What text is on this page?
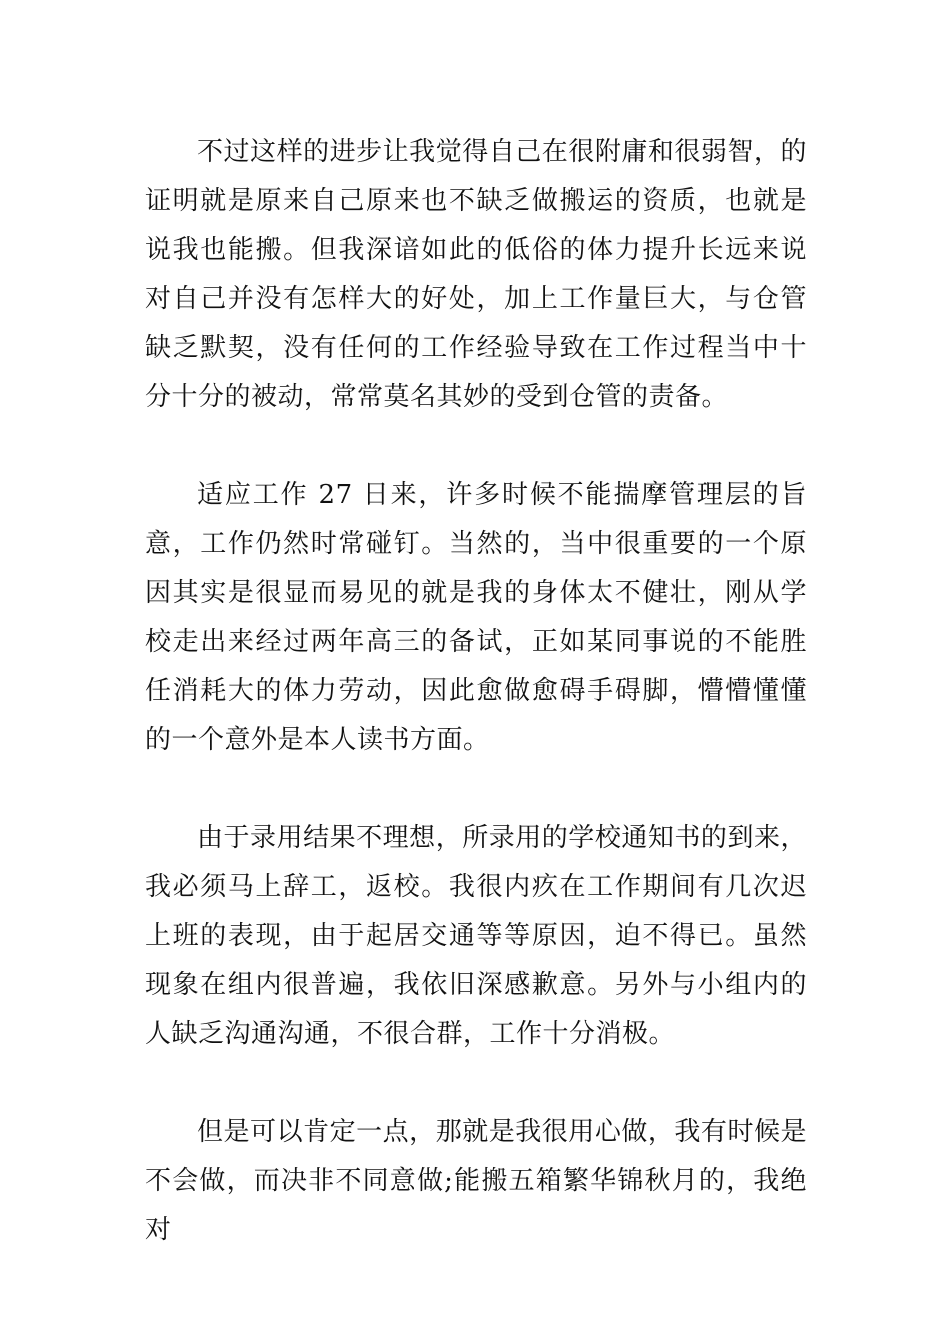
不过这样的进步让我觉得自己在很附庸和很弱智，的证明就是原来自己原来也不缺乏做搬运的资质，也就是说我也能搬。但我深谙如此的低俗的体力提升长远来说对自己并没有怎样大的好处，加上工作量巨大，与仓管缺乏默契，没有任何的工作经验导致在工作过程当中十分十分的被动，常常莫名其妙的受到仓管的责备。

适应工作 27 日来，许多时候不能揣摩管理层的旨意，工作仍然时常碰钉。当然的，当中很重要的一个原因其实是很显而易见的就是我的身体太不健壮，刚从学校走出来经过两年高三的备试，正如某同事说的不能胜任消耗大的体力劳动，因此愈做愈碍手碍脚，懵懵懂懂的一个意外是本人读书方面。

由于录用结果不理想，所录用的学校通知书的到来，我必须马上辞工，返校。我很内疚在工作期间有几次迟上班的表现，由于起居交通等等原因，迫不得已。虽然现象在组内很普遍，我依旧深感歉意。另外与小组内的人缺乏沟通沟通，不很合群，工作十分消极。

但是可以肯定一点，那就是我很用心做，我有时候是不会做，而决非不同意做;能搬五箱繁华锦秋月的，我绝对
